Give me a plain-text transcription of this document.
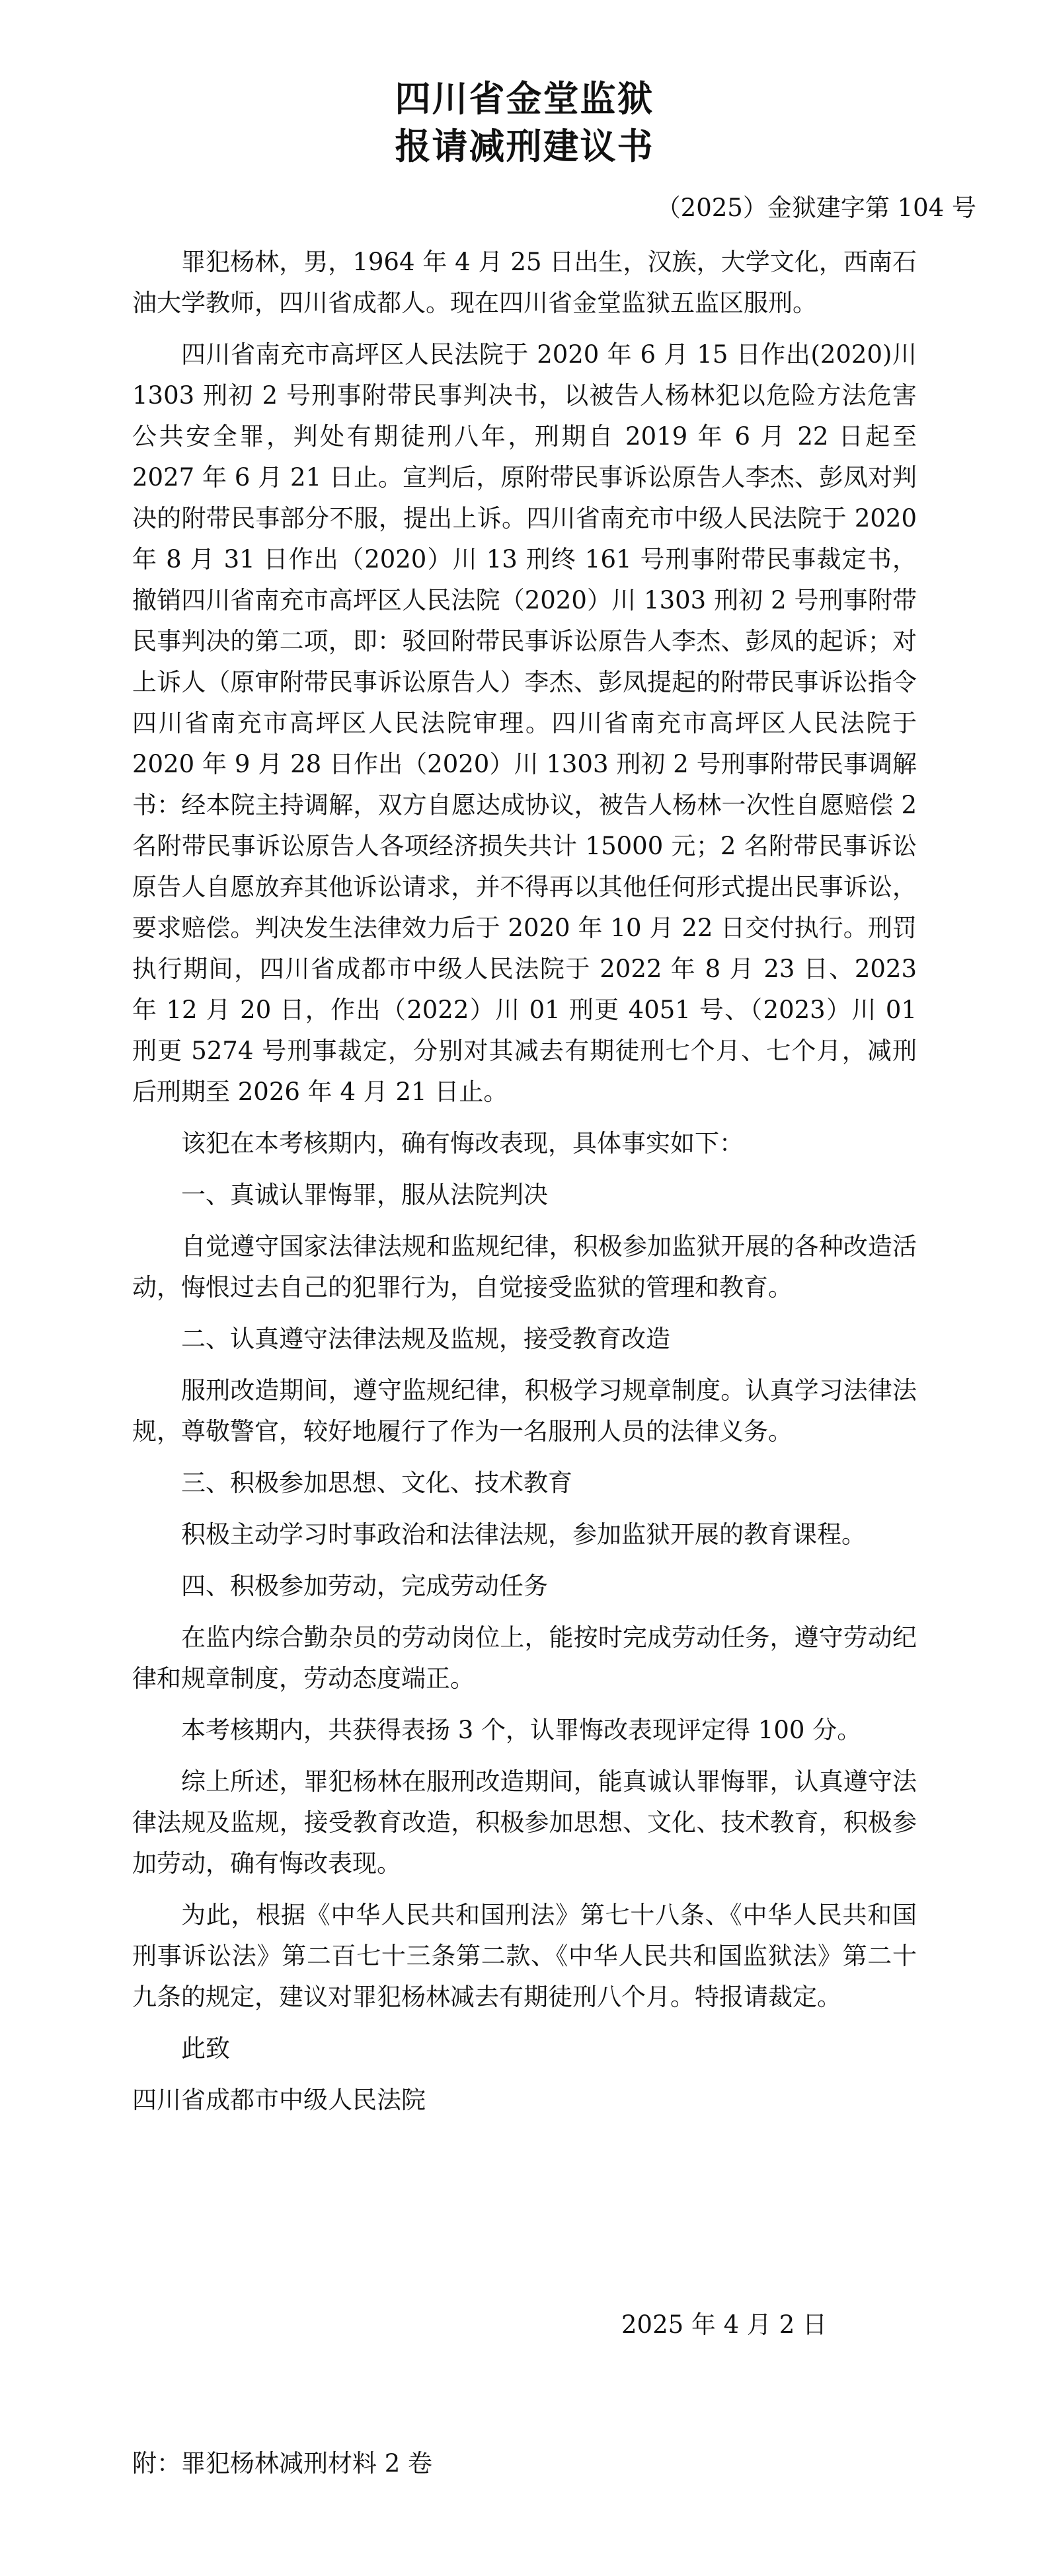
四川省金堂监狱
报请减刑建议书
（2025）金狱建字第 104 号

罪犯杨林，男，1964 年 4 月 25 日出生，汉族，大学文化，西南石油大学教师，四川省成都人。现在四川省金堂监狱五监区服刑。

四川省南充市高坪区人民法院于 2020 年 6 月 15 日作出(2020)川 1303 刑初 2 号刑事附带民事判决书，以被告人杨林犯以危险方法危害公共安全罪，判处有期徒刑八年，刑期自 2019 年 6 月 22 日起至 2027 年 6 月 21 日止。宣判后，原附带民事诉讼原告人李杰、彭凤对判决的附带民事部分不服，提出上诉。四川省南充市中级人民法院于 2020 年 8 月 31 日作出（2020）川 13 刑终 161 号刑事附带民事裁定书，撤销四川省南充市高坪区人民法院（2020）川 1303 刑初 2 号刑事附带民事判决的第二项，即：驳回附带民事诉讼原告人李杰、彭凤的起诉；对上诉人（原审附带民事诉讼原告人）李杰、彭凤提起的附带民事诉讼指令四川省南充市高坪区人民法院审理。四川省南充市高坪区人民法院于 2020 年 9 月 28 日作出（2020）川 1303 刑初 2 号刑事附带民事调解书：经本院主持调解，双方自愿达成协议，被告人杨林一次性自愿赔偿 2 名附带民事诉讼原告人各项经济损失共计 15000 元；2 名附带民事诉讼原告人自愿放弃其他诉讼请求，并不得再以其他任何形式提出民事诉讼，要求赔偿。判决发生法律效力后于 2020 年 10 月 22 日交付执行。刑罚执行期间，四川省成都市中级人民法院于 2022 年 8 月 23 日、2023 年 12 月 20 日，作出（2022）川 01 刑更 4051 号、（2023）川 01 刑更 5274 号刑事裁定，分别对其减去有期徒刑七个月、七个月，减刑后刑期至 2026 年 4 月 21 日止。

该犯在本考核期内，确有悔改表现，具体事实如下：

一、真诚认罪悔罪，服从法院判决

自觉遵守国家法律法规和监规纪律，积极参加监狱开展的各种改造活动，悔恨过去自己的犯罪行为，自觉接受监狱的管理和教育。

二、认真遵守法律法规及监规，接受教育改造

服刑改造期间，遵守监规纪律，积极学习规章制度。认真学习法律法规，尊敬警官，较好地履行了作为一名服刑人员的法律义务。

三、积极参加思想、文化、技术教育

积极主动学习时事政治和法律法规，参加监狱开展的教育课程。

四、积极参加劳动，完成劳动任务

在监内综合勤杂员的劳动岗位上，能按时完成劳动任务，遵守劳动纪律和规章制度，劳动态度端正。

本考核期内，共获得表扬 3 个，认罪悔改表现评定得 100 分。

综上所述，罪犯杨林在服刑改造期间，能真诚认罪悔罪，认真遵守法律法规及监规，接受教育改造，积极参加思想、文化、技术教育，积极参加劳动，确有悔改表现。

为此，根据《中华人民共和国刑法》第七十八条、《中华人民共和国刑事诉讼法》第二百七十三条第二款、《中华人民共和国监狱法》第二十九条的规定，建议对罪犯杨林减去有期徒刑八个月。特报请裁定。

此致

四川省成都市中级人民法院

2025 年 4 月 2 日
附：罪犯杨林减刑材料 2 卷
